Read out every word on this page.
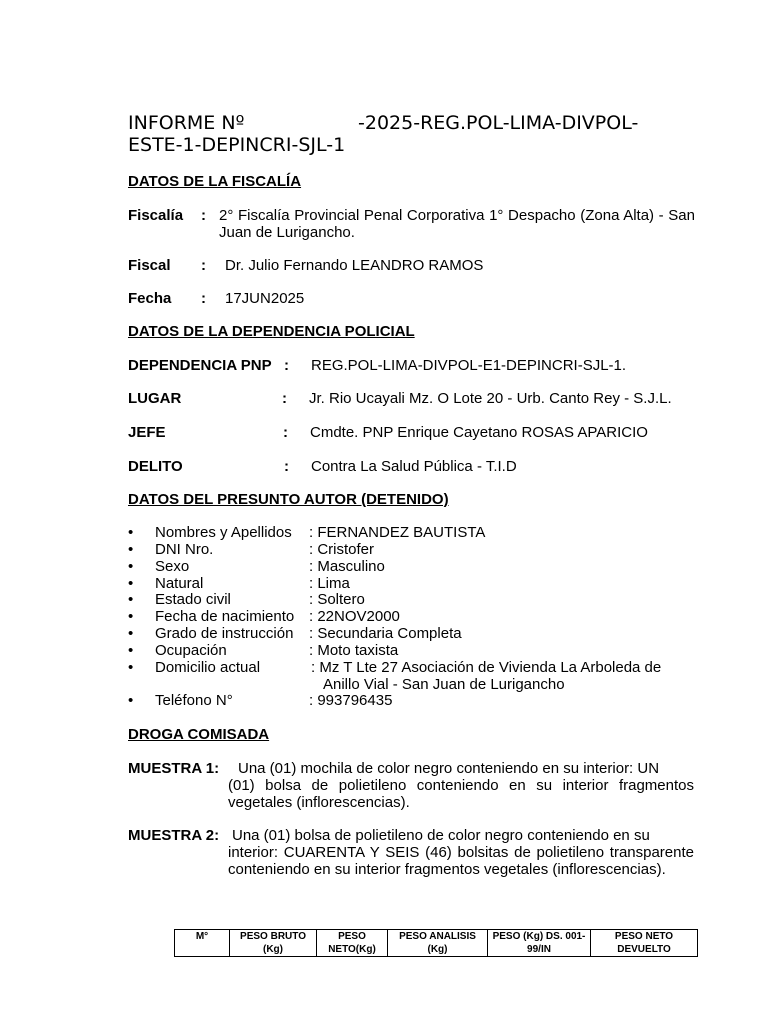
INFORME Nº	-2025-REG.POL-LIMA-DIVPOL-
ESTE-1-DEPINCRI-SJL-1
DATOS DE LA FISCALÍA
Fiscalía : 2° Fiscalía Provincial Penal Corporativa 1° Despacho (Zona Alta) - San Juan de Lurigancho.
Fiscal : Dr. Julio Fernando LEANDRO RAMOS
Fecha : 17JUN2025
DATOS DE LA DEPENDENCIA POLICIAL
DEPENDENCIA PNP : REG.POL-LIMA-DIVPOL-E1-DEPINCRI-SJL-1.
LUGAR	: Jr. Rio Ucayali Mz. O Lote 20 - Urb. Canto Rey - S.J.L.
JEFE	: Cmdte. PNP Enrique Cayetano ROSAS APARICIO
DELITO	: Contra La Salud Pública - T.I.D
DATOS DEL PRESUNTO AUTOR (DETENIDO)
• Nombres y Apellidos : FERNANDEZ BAUTISTA
• DNI Nro.	: Cristofer
• Sexo	: Masculino
• Natural	: Lima
• Estado civil	: Soltero
• Fecha de nacimiento : 22NOV2000
• Grado de instrucción : Secundaria Completa
• Ocupación	: Moto taxista
• Domicilio actual	: Mz T Lte 27 Asociación de Vivienda La Arboleda de
Anillo Vial - San Juan de Lurigancho
• Teléfono N°	: 993796435
DROGA COMISADA
MUESTRA 1: Una (01) mochila de color negro conteniendo en su interior: UN
(01) bolsa de polietileno conteniendo en su interior fragmentos vegetales (inflorescencias).
MUESTRA 2: Una (01) bolsa de polietileno de color negro conteniendo en su
interior: CUARENTA Y SEIS (46) bolsitas de polietileno transparente conteniendo en su interior fragmentos vegetales (inflorescencias).
M°	PESO BRUTO (Kg)	PESO NETO(Kg)	PESO ANALISIS (Kg)	PESO (Kg) DS. 001-99/IN	PESO NETO DEVUELTO
